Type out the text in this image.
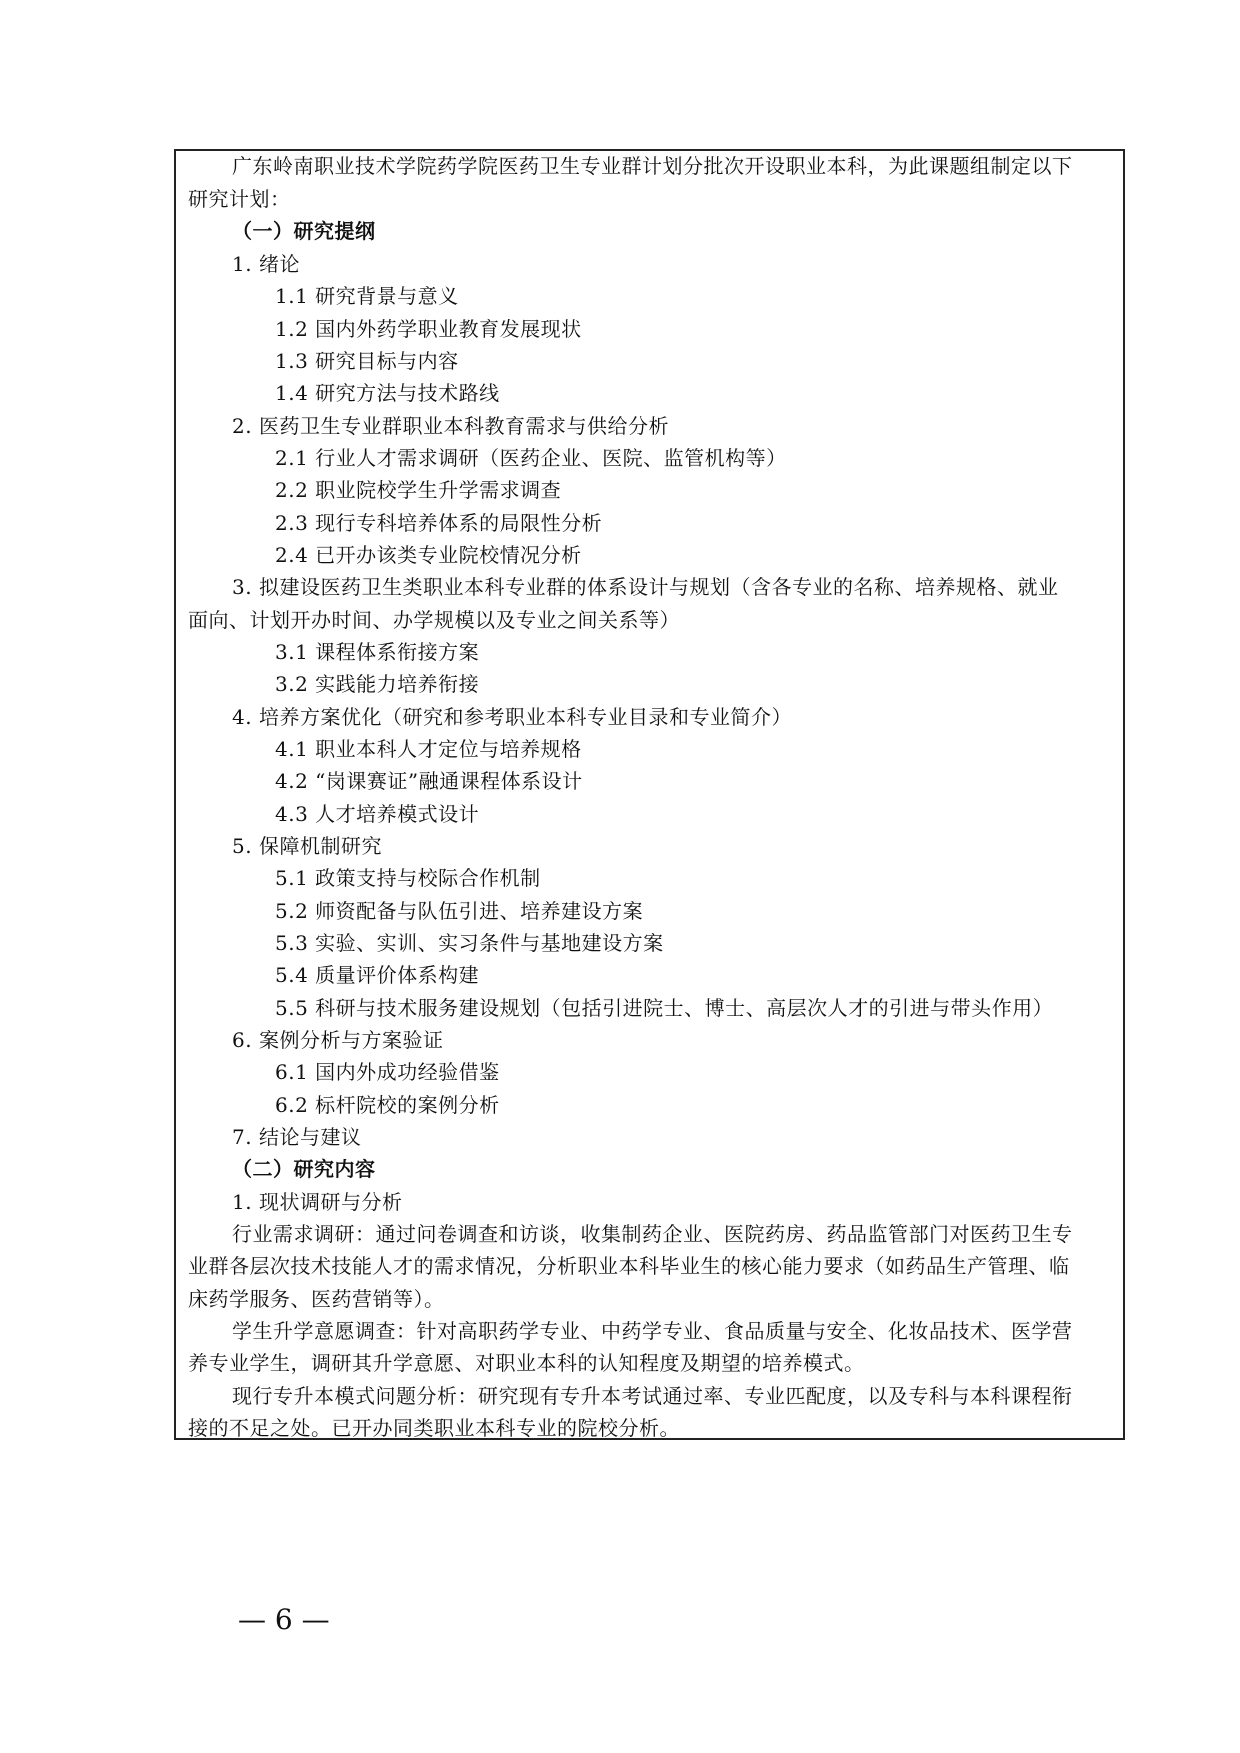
广东岭南职业技术学院药学院医药卫生专业群计划分批次开设职业本科，为此课题组制定以下
研究计划：
（一）研究提纲
1. 绪论
1.1 研究背景与意义
1.2 国内外药学职业教育发展现状
1.3 研究目标与内容
1.4 研究方法与技术路线
2. 医药卫生专业群职业本科教育需求与供给分析
2.1 行业人才需求调研（医药企业、医院、监管机构等）
2.2 职业院校学生升学需求调查
2.3 现行专科培养体系的局限性分析
2.4 已开办该类专业院校情况分析
3. 拟建设医药卫生类职业本科专业群的体系设计与规划（含各专业的名称、培养规格、就业
面向、计划开办时间、办学规模以及专业之间关系等）
3.1 课程体系衔接方案
3.2 实践能力培养衔接
4. 培养方案优化（研究和参考职业本科专业目录和专业简介）
4.1 职业本科人才定位与培养规格
4.2 “岗课赛证”融通课程体系设计
4.3 人才培养模式设计
5. 保障机制研究
5.1 政策支持与校际合作机制
5.2 师资配备与队伍引进、培养建设方案
5.3 实验、实训、实习条件与基地建设方案
5.4 质量评价体系构建
5.5 科研与技术服务建设规划（包括引进院士、博士、高层次人才的引进与带头作用）
6. 案例分析与方案验证
6.1 国内外成功经验借鉴
6.2 标杆院校的案例分析
7. 结论与建议
（二）研究内容
1. 现状调研与分析
行业需求调研：通过问卷调查和访谈，收集制药企业、医院药房、药品监管部门对医药卫生专
业群各层次技术技能人才的需求情况，分析职业本科毕业生的核心能力要求（如药品生产管理、临
床药学服务、医药营销等）。
学生升学意愿调查：针对高职药学专业、中药学专业、食品质量与安全、化妆品技术、医学营
养专业学生，调研其升学意愿、对职业本科的认知程度及期望的培养模式。
现行专升本模式问题分析：研究现有专升本考试通过率、专业匹配度，以及专科与本科课程衔
接的不足之处。已开办同类职业本科专业的院校分析。
— 6 —
